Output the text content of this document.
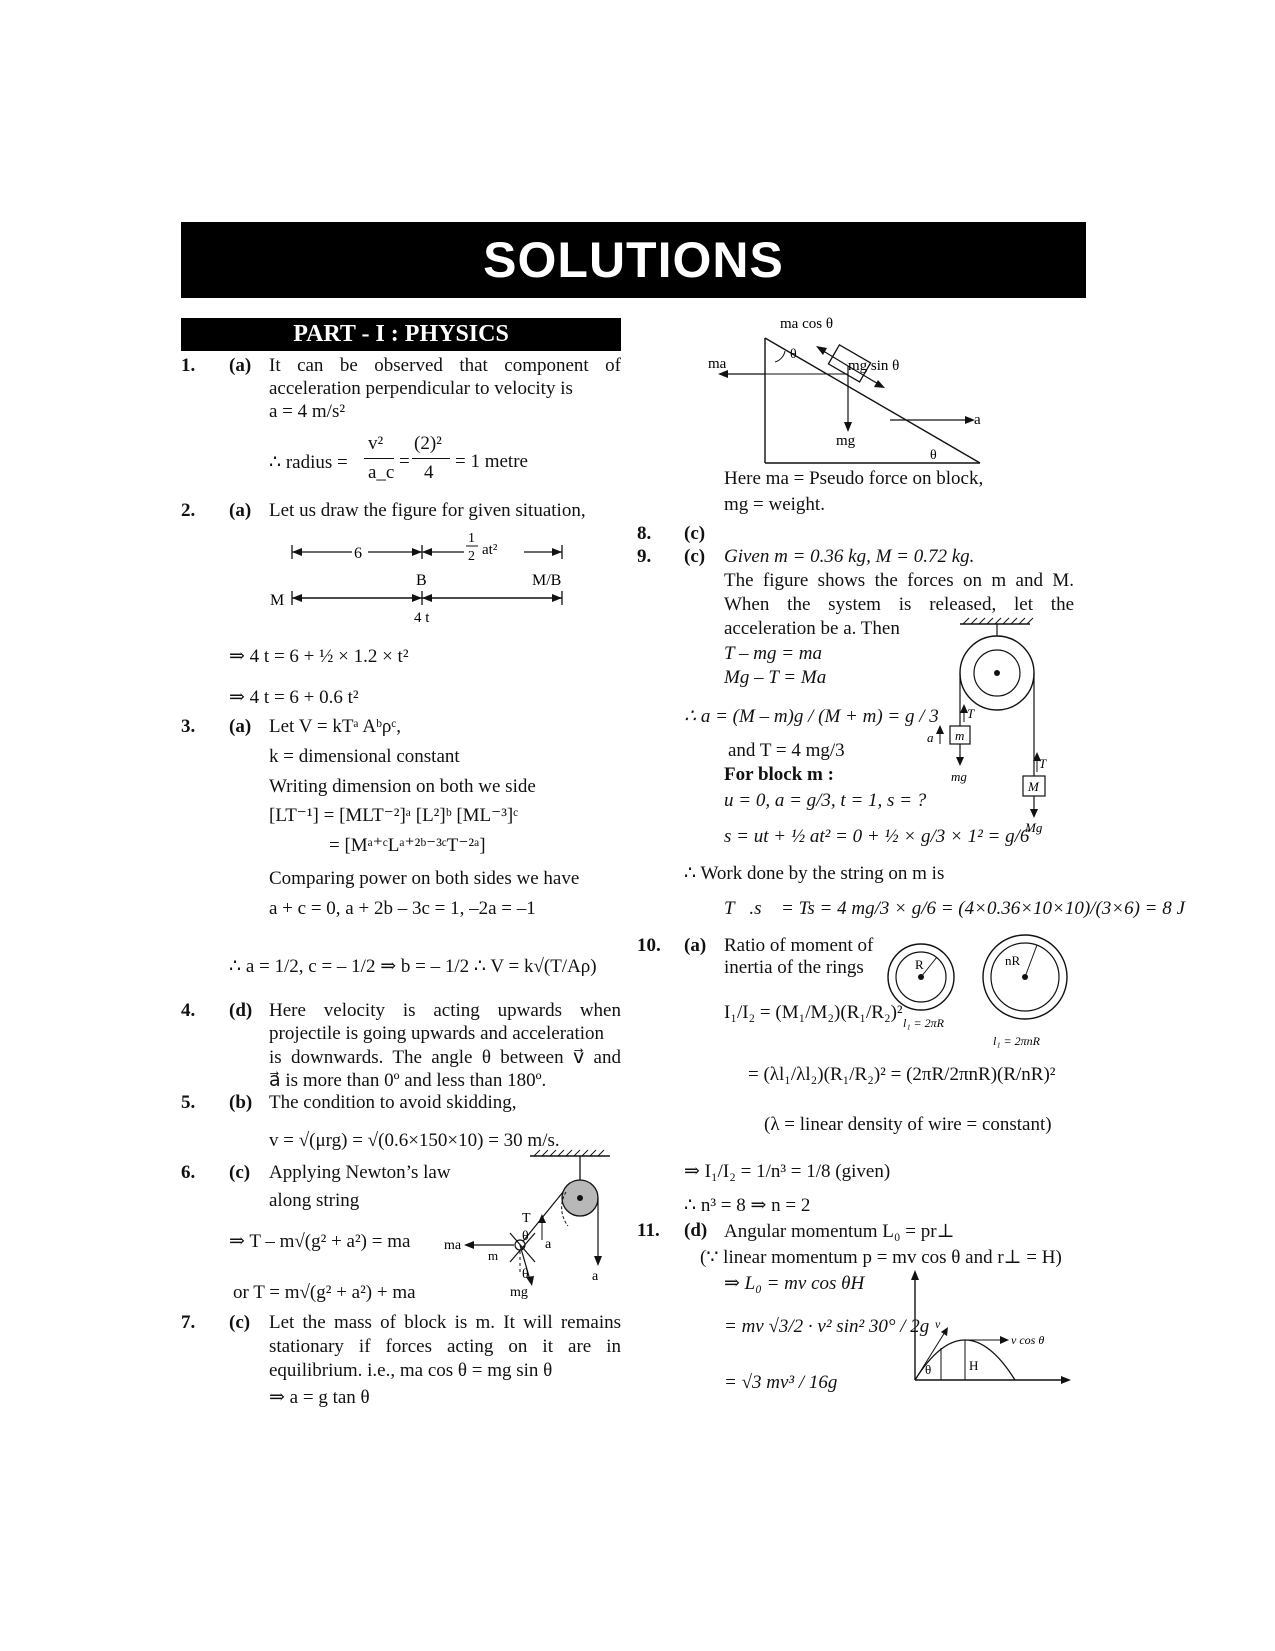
SOLUTIONS
PART - I : PHYSICS
1. (a) It can be observed that component of
acceleration perpendicular to velocity is
a = 4 m/s²
∴ radius =
v²
a_c
=
(2)²
4
= 1 metre
2. (a) Let us draw the figure for given situation,
6
1
2 at²
B	M/B
M
4 t
⇒ 4 t = 6 + ½ × 1.2 × t²
⇒ 4 t = 6 + 0.6 t²
3. (a) Let V = kTᵃ Aᵇρᶜ,
k = dimensional constant
Writing dimension on both we side
[LT⁻¹] = [MLT⁻²]ᵃ [L²]ᵇ [ML⁻³]ᶜ
= [Mᵃ⁺ᶜLᵃ⁺²ᵇ⁻³ᶜT⁻²ᵃ]
Comparing power on both sides we have
a + c = 0, a + 2b – 3c = 1, –2a = –1
∴ a = 1/2, c = – 1/2 ⇒ b = – 1/2 ∴ V = k√(T/Aρ)
4. (d) Here velocity is acting upwards when
projectile is going upwards and acceleration
is downwards. The angle θ between v⃗ and
a⃗ is more than 0º and less than 180º.
5. (b) The condition to avoid skidding,
v = √(μrg) = √(0.6×150×10) = 30 m/s.
6. (c) Applying Newton’s law
along string
⇒ T – m√(g² + a²) = ma
or T = m√(g² + a²) + ma
T
θ
θ
a
a
ma
m
mg
7. (c) Let the mass of block is m. It will remains
stationary if forces acting on it are in
equilibrium. i.e., ma cos θ = mg sin θ
⇒ a = g tan θ
ma cos θ
ma
θ
mg sin θ
a
mg
θ
Here ma = Pseudo force on block,
mg = weight.
8. (c)
9. (c) Given m = 0.36 kg, M = 0.72 kg.
The figure shows the forces on m and M.
When the system is released, let the
acceleration be a. Then
T – mg = ma
Mg – T = Ma
∴ a = (M – m)g / (M + m) = g / 3
and T = 4 mg/3
For block m :
u = 0, a = g/3, t = 1, s = ?
s = ut + ½ at² = 0 + ½ × g/3 × 1² = g/6
∴ Work done by the string on m is
T⃗.s⃗ = Ts = 4 mg/3 × g/6 = (4×0.36×10×10)/(3×6) = 8 J
m
T
a
mg
M
T
Mg
10. (a) Ratio of moment of
inertia of the rings
I₁/I₂ = (M₁/M₂)(R₁/R₂)²
= (λl₁/λl₂)(R₁/R₂)² = (2πR/2πnR)(R/nR)²
(λ = linear density of wire = constant)
⇒ I₁/I₂ = 1/n³ = 1/8 (given)
∴ n³ = 8 ⇒ n = 2
R
l₁ = 2πR
nR
l₁ = 2πnR
11. (d) Angular momentum L₀ = pr⊥
(∵ linear momentum p = mv cos θ and r⊥ = H)
⇒ L₀ = mv cos θH
= mv √3/2 · v² sin² 30° / 2g
= √3 mv³ / 16g
v
v cos θ
θ	H
